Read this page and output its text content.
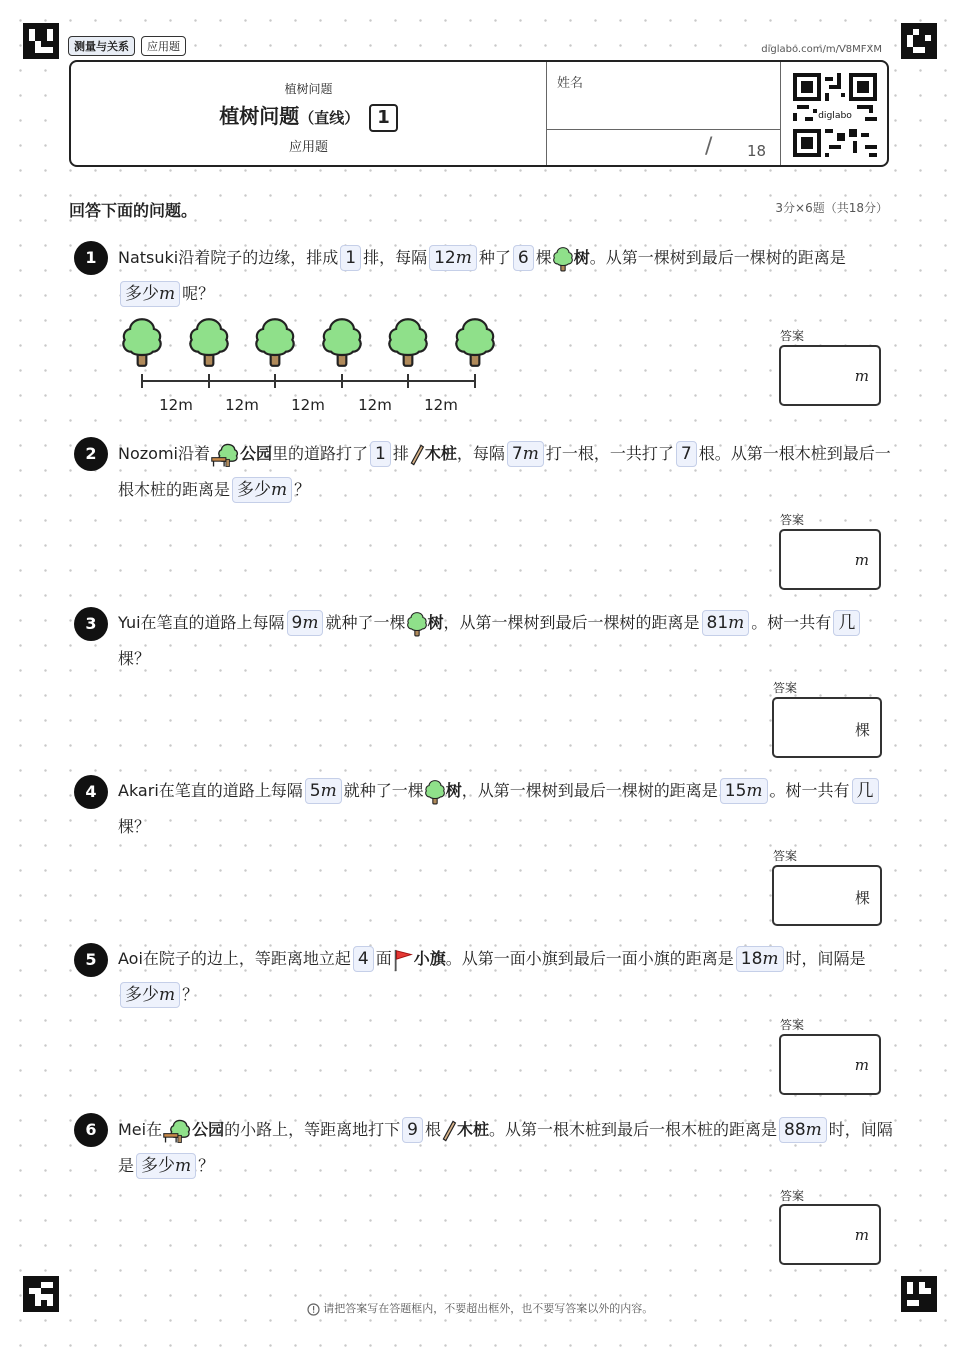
测量与关系	应用题	diglabo.com/m/V8MFXM
植树问题
植树问题（直线） 1
应用题
姓名
/ 18
diglabo
回答下面的问题。	3分×6题（共18分）
1	Natsuki沿着院子的边缘，排成 1 排，每隔 12m 种了 6 棵 树。从第一棵树到最后一棵树的距离是多少m 呢？
12m 12m 12m 12m 12m
答案
m
2	Nozomi沿着 公园里的道路打了 1 排 木桩，每隔 7m 打一根，一共打了 7 根。从第一根木桩到最后一根木桩的距离是 多少m ？
答案
m
3	Yui在笔直的道路上每隔 9m 就种了一棵 树，从第一棵树到最后一棵树的距离是 81m 。树一共有 几棵？
答案
棵
4	Akari在笔直的道路上每隔 5m 就种了一棵 树，从第一棵树到最后一棵树的距离是 15m 。树一共有 几棵？
答案
棵
5	Aoi在院子的边上，等距离地立起 4 面 小旗。从第一面小旗到最后一面小旗的距离是 18m 时，间隔是多少m ？
答案
m
6	Mei在 公园的小路上，等距离地打下 9 根 木桩。从第一根木桩到最后一根木桩的距离是 88m 时，间隔是 多少m ？
答案
m
请把答案写在答题框内，不要超出框外，也不要写答案以外的内容。
